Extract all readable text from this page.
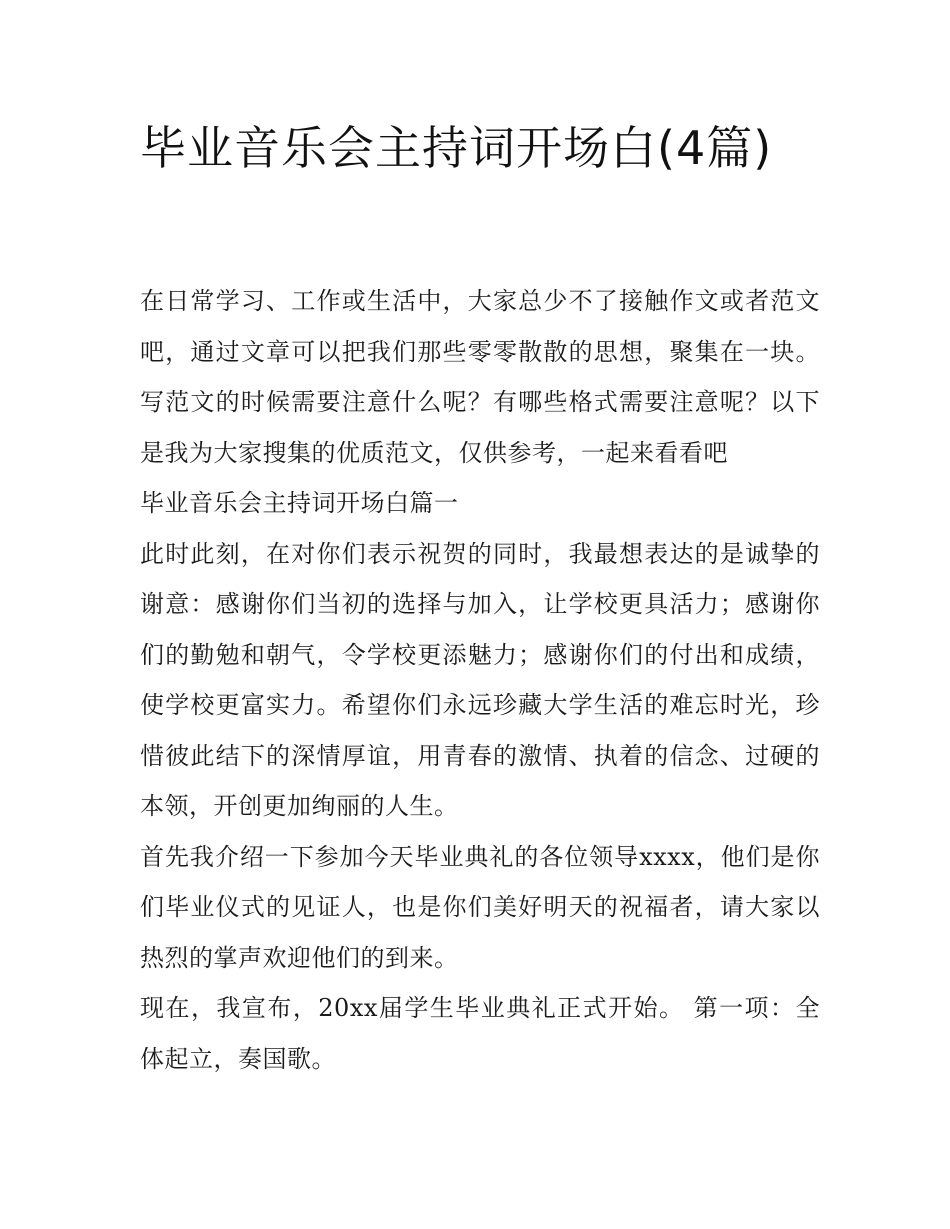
毕业音乐会主持词开场白(4篇)

在日常学习、工作或生活中，大家总少不了接触作文或者范文吧，通过文章可以把我们那些零零散散的思想，聚集在一块。写范文的时候需要注意什么呢？有哪些格式需要注意呢？以下是我为大家搜集的优质范文，仅供参考，一起来看看吧

毕业音乐会主持词开场白篇一

此时此刻，在对你们表示祝贺的同时，我最想表达的是诚挚的谢意：感谢你们当初的选择与加入，让学校更具活力；感谢你们的勤勉和朝气，令学校更添魅力；感谢你们的付出和成绩，使学校更富实力。希望你们永远珍藏大学生活的难忘时光，珍惜彼此结下的深情厚谊，用青春的激情、执着的信念、过硬的本领，开创更加绚丽的人生。

首先我介绍一下参加今天毕业典礼的各位领导xxxx，他们是你们毕业仪式的见证人，也是你们美好明天的祝福者，请大家以热烈的掌声欢迎他们的到来。

现在，我宣布，20xx届学生毕业典礼正式开始。 第一项：全体起立，奏国歌。
